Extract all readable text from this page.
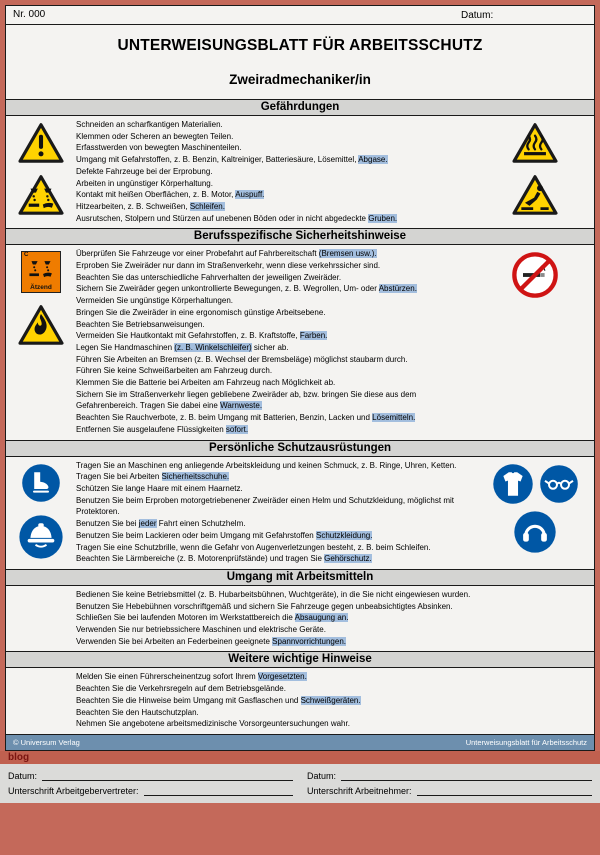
Nr. 000	Datum:
UNTERWEISUNGSBLATT FÜR ARBEITSSCHUTZ
Zweiradmechaniker/in
Gefährdungen
Schneiden an scharfkantigen Materialien.
Klemmen oder Scheren an bewegten Teilen.
Erfasstwerden von bewegten Maschinenteilen.
Umgang mit Gefahrstoffen, z. B. Benzin, Kaltreiniger, Batteriesäure, Lösemittel, Abgase.
Defekte Fahrzeuge bei der Erprobung.
Arbeiten in ungünstiger Körperhaltung.
Kontakt mit heißen Oberflächen, z. B. Motor, Auspuff.
Hitzearbeiten, z. B. Schweißen, Schleifen.
Ausrutschen, Stolpern und Stürzen auf unebenen Böden oder in nicht abgedeckte Gruben.
Berufsspezifische Sicherheitshinweise
C
Ätzend
Überprüfen Sie Fahrzeuge vor einer Probefahrt auf Fahrbereitschaft (Bremsen usw.).
Erproben Sie Zweiräder nur dann im Straßenverkehr, wenn diese verkehrssicher sind.
Beachten Sie das unterschiedliche Fahrverhalten der jeweiligen Zweiräder.
Sichern Sie Zweiräder gegen unkontrollierte Bewegungen, z. B. Wegrollen, Um- oder Abstürzen.
Vermeiden Sie ungünstige Körperhaltungen.
Bringen Sie die Zweiräder in eine ergonomisch günstige Arbeitsebene.
Beachten Sie Betriebsanweisungen.
Vermeiden Sie Hautkontakt mit Gefahrstoffen, z. B. Kraftstoffe, Farben.
Legen Sie Handmaschinen (z. B. Winkelschleifer) sicher ab.
Führen Sie Arbeiten an Bremsen (z. B. Wechsel der Bremsbeläge) möglichst staubarm durch.
Führen Sie keine Schweißarbeiten am Fahrzeug durch.
Klemmen Sie die Batterie bei Arbeiten am Fahrzeug nach Möglichkeit ab.
Sichern Sie im Straßenverkehr liegen gebliebene Zweiräder ab, bzw. bringen Sie diese aus dem Gefahrenbereich. Tragen Sie dabei eine Warnweste.
Beachten Sie Rauchverbote, z. B. beim Umgang mit Batterien, Benzin, Lacken und Lösemitteln.
Entfernen Sie ausgelaufene Flüssigkeiten sofort.
Persönliche Schutzausrüstungen
Tragen Sie an Maschinen eng anliegende Arbeitskleidung und keinen Schmuck, z. B. Ringe, Uhren, Ketten.
Tragen Sie bei Arbeiten Sicherheitsschuhe.
Schützen Sie lange Haare mit einem Haarnetz.
Benutzen Sie beim Erproben motorgetriebenener Zweiräder einen Helm und Schutzkleidung, möglichst mit Protektoren.
Benutzen Sie bei jeder Fahrt einen Schutzhelm.
Benutzen Sie beim Lackieren oder beim Umgang mit Gefahrstoffen Schutzkleidung.
Tragen Sie eine Schutzbrille, wenn die Gefahr von Augenverletzungen besteht, z. B. beim Schleifen.
Beachten Sie Lärmbereiche (z. B. Motorenprüfstände) und tragen Sie Gehörschutz.
Umgang mit Arbeitsmitteln
Bedienen Sie keine Betriebsmittel (z. B. Hubarbeitsbühnen, Wuchtgeräte), in die Sie nicht eingewiesen wurden.
Benutzen Sie Hebebühnen vorschriftgemäß und sichern Sie Fahrzeuge gegen unbeabsichtigtes Absinken.
Schließen Sie bei laufenden Motoren im Werkstattbereich die Absaugung an.
Verwenden Sie nur betriebssichere Maschinen und elektrische Geräte.
Verwenden Sie bei Arbeiten an Federbeinen geeignete Spannvorrichtungen.
Weitere wichtige Hinweise
Melden Sie einen Führerscheinentzug sofort Ihrem Vorgesetzten.
Beachten Sie die Verkehrsregeln auf dem Betriebsgelände.
Beachten Sie die Hinweise beim Umgang mit Gasflaschen und Schweißgeräten.
Beachten Sie den Hautschutzplan.
Nehmen Sie angebotene arbeitsmedizinische Vorsorgeuntersuchungen wahr.
© Universum Verlag	Unterweisungsblatt für Arbeitsschutz
blog
Datum:	Datum:
Unterschrift Arbeitgebervertreter:	Unterschrift Arbeitnehmer:
